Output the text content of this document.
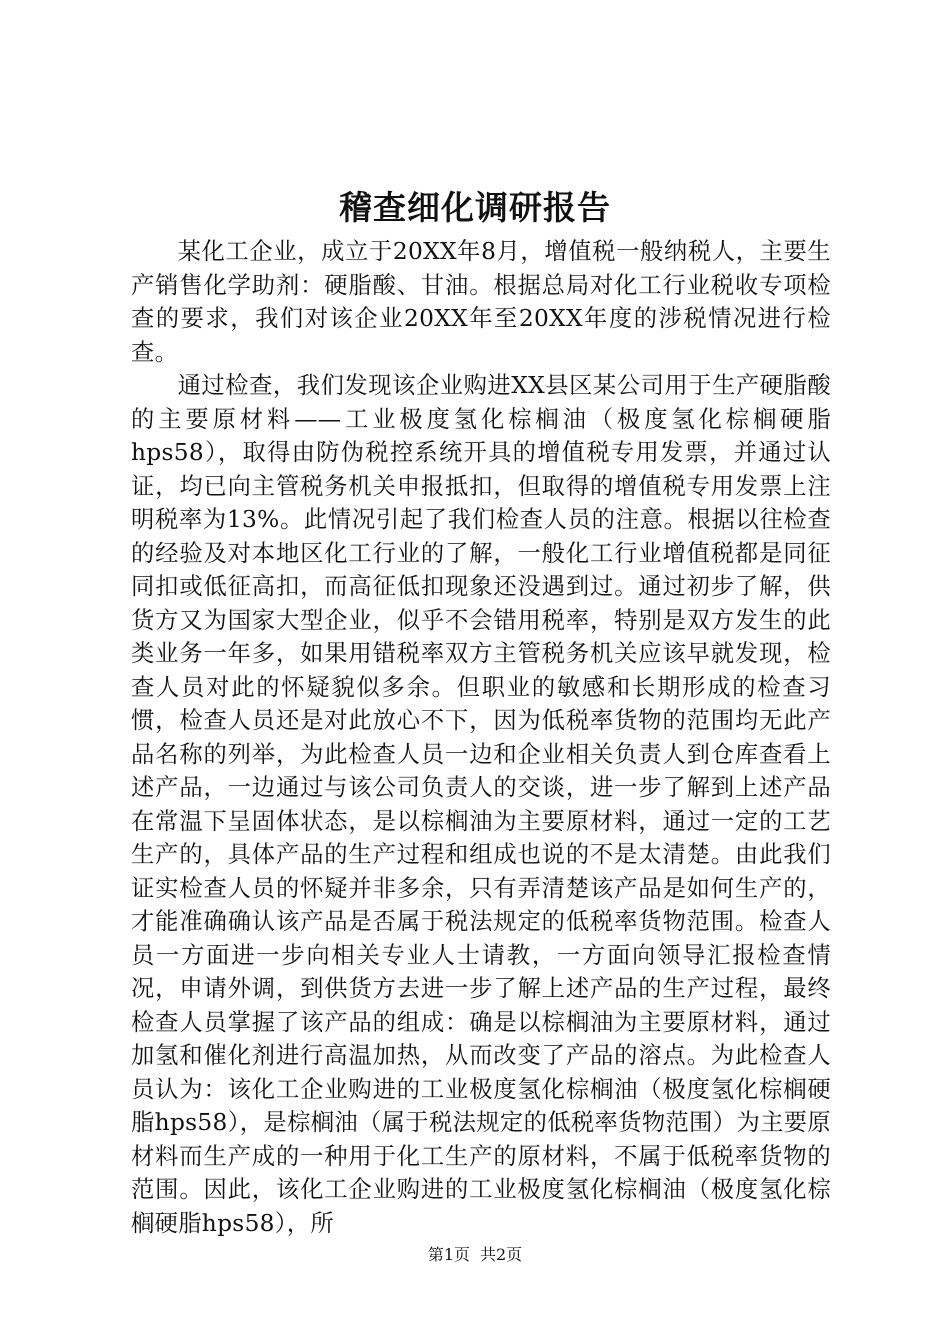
稽查细化调研报告

某化工企业，成立于20XX年8月，增值税一般纳税人，主要生产销售化学助剂：硬脂酸、甘油。根据总局对化工行业税收专项检查的要求，我们对该企业20XX年至20XX年度的涉税情况进行检查。

通过检查，我们发现该企业购进XX县区某公司用于生产硬脂酸的主要原材料——工业极度氢化棕榈油（极度氢化棕榈硬脂hps58），取得由防伪税控系统开具的增值税专用发票，并通过认证，均已向主管税务机关申报抵扣，但取得的增值税专用发票上注明税率为13%。此情况引起了我们检查人员的注意。根据以往检查的经验及对本地区化工行业的了解，一般化工行业增值税都是同征同扣或低征高扣，而高征低扣现象还没遇到过。通过初步了解，供货方又为国家大型企业，似乎不会错用税率，特别是双方发生的此类业务一年多，如果用错税率双方主管税务机关应该早就发现，检查人员对此的怀疑貌似多余。但职业的敏感和长期形成的检查习惯，检查人员还是对此放心不下，因为低税率货物的范围均无此产品名称的列举，为此检查人员一边和企业相关负责人到仓库查看上述产品，一边通过与该公司负责人的交谈，进一步了解到上述产品在常温下呈固体状态，是以棕榈油为主要原材料，通过一定的工艺生产的，具体产品的生产过程和组成也说的不是太清楚。由此我们证实检查人员的怀疑并非多余，只有弄清楚该产品是如何生产的，才能准确确认该产品是否属于税法规定的低税率货物范围。检查人员一方面进一步向相关专业人士请教，一方面向领导汇报检查情况，申请外调，到供货方去进一步了解上述产品的生产过程，最终检查人员掌握了该产品的组成：确是以棕榈油为主要原材料，通过加氢和催化剂进行高温加热，从而改变了产品的溶点。为此检查人员认为：该化工企业购进的工业极度氢化棕榈油（极度氢化棕榈硬脂hps58），是棕榈油（属于税法规定的低税率货物范围）为主要原材料而生产成的一种用于化工生产的原材料，不属于低税率货物的范围。因此，该化工企业购进的工业极度氢化棕榈油（极度氢化棕榈硬脂hps58），所

第1页 共2页
